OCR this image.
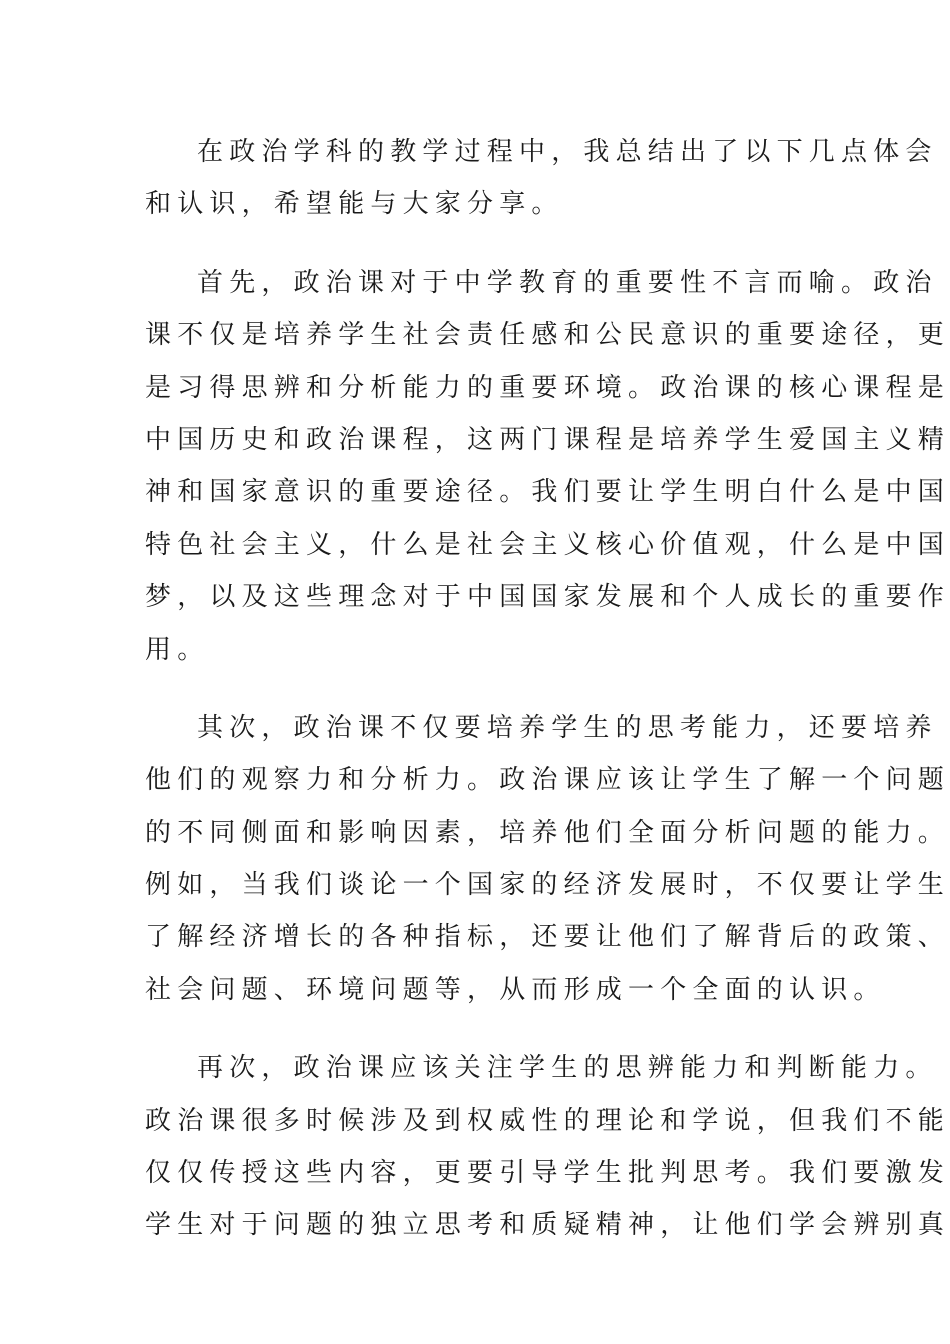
在政治学科的教学过程中，我总结出了以下几点体会
和认识，希望能与大家分享。
首先，政治课对于中学教育的重要性不言而喻。政治
课不仅是培养学生社会责任感和公民意识的重要途径，更
是习得思辨和分析能力的重要环境。政治课的核心课程是
中国历史和政治课程，这两门课程是培养学生爱国主义精
神和国家意识的重要途径。我们要让学生明白什么是中国
特色社会主义，什么是社会主义核心价值观，什么是中国
梦，以及这些理念对于中国国家发展和个人成长的重要作
用。
其次，政治课不仅要培养学生的思考能力，还要培养
他们的观察力和分析力。政治课应该让学生了解一个问题
的不同侧面和影响因素，培养他们全面分析问题的能力。
例如，当我们谈论一个国家的经济发展时，不仅要让学生
了解经济增长的各种指标，还要让他们了解背后的政策、
社会问题、环境问题等，从而形成一个全面的认识。
再次，政治课应该关注学生的思辨能力和判断能力。
政治课很多时候涉及到权威性的理论和学说，但我们不能
仅仅传授这些内容，更要引导学生批判思考。我们要激发
学生对于问题的独立思考和质疑精神，让他们学会辨别真
